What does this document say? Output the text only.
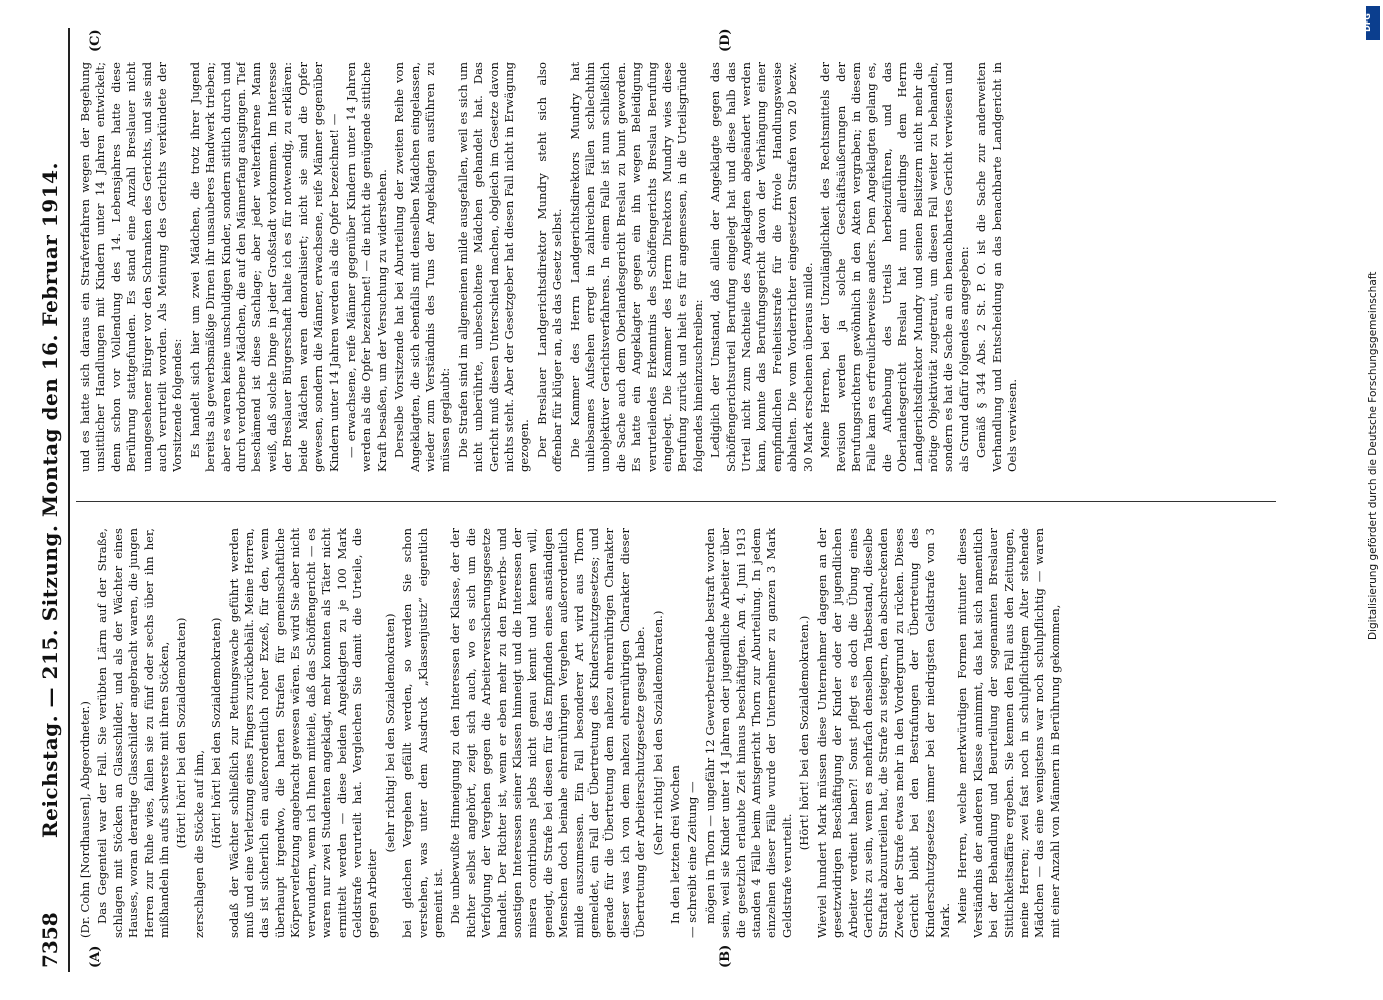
7358
Reichstag. — 215. Sitzung. Montag den 16. Februar 1914.
(A)	(B)
(C)	(D)

(Dr. Cohn [Nordhausen], Abgeordneter.) Das Gegenteil war der Fall. Sie verübten Lärm auf der Straße, schlagen mit Stöcken an Glasschilder, und als der Wächter eines Hauses, woran derartige Glasschilder angebracht waren, die jungen Herren zur Ruhe wies, fallen sie zu fünf oder sechs über ihn her, mißhandeln ihn aufs schwerste mit ihren Stöcken, (Hört! hört! bei den Sozialdemokraten) zerschlagen die Stöcke auf ihm, (Hört! hört! bei den Sozialdemokraten) sodaß der Wächter schließlich zur Rettungswache geführt werden muß und eine Verletzung eines Fingers zurückbehält. Meine Herren, das ist sicherlich ein außerordentlich roher Exzeß, für den, wenn überhaupt irgendwo, die harten Strafen für gemeinschaftliche Körperverletzung angebracht gewesen wären. Es wird Sie aber nicht verwundern, wenn ich Ihnen mitteile, daß das Schöffengericht — es waren nur zwei Studenten angeklagt, mehr konnten als Täter nicht ermittelt werden — diese beiden Angeklagten zu je 100 Mark Geldstrafe verurteilt hat. Vergleichen Sie damit die Urteile, die gegen Arbeiter

(sehr richtig! bei den Sozialdemokraten) bei gleichen Vergehen gefällt werden, so werden Sie schon verstehen, was unter dem Ausdruck „Klassenjustiz“ eigentlich gemeint ist. Die unbewußte Hinneigung zu den Interessen der Klasse, der der Richter selbst angehört, zeigt sich auch, wo es sich um die Verfolgung der Vergehen gegen die Arbeiterversicherungsgesetze handelt. Der Richter ist, wenn er eben mehr zu den Erwerbs- und sonstigen Interessen seiner Klassen hinneigt und die Interessen der misera contribuens plebs nicht genau kennt und kennen will, geneigt, die Strafe bei diesen für das Empfinden eines anständigen Menschen doch beinahe ehrenrührigen Vergehen außerordentlich milde auszumessen. Ein Fall besonderer Art wird aus Thorn gemeldet, ein Fall der Übertretung des Kinderschutzgesetzes; und gerade für die Übertretung dem nahezu ehrenrührigen Charakter dieser was ich von dem nahezu ehrenrührigen Charakter dieser Übertretung der Arbeiterschutzgesetze gesagt habe. (Sehr richtig! bei den Sozialdemokraten.) In den letzten drei Wochen — schreibt eine Zeitung — mögen in Thorn — ungefähr 12 Gewerbetreibende bestraft worden sein, weil sie Kinder unter 14 Jahren oder jugendliche Arbeiter über die gesetzlich erlaubte Zeit hinaus beschäftigten. Am 4. Juni 1913 standen 4 Fälle beim Amtsgericht Thorn zur Aburteilung. In jedem einzelnen dieser Fälle wurde der Unternehmer zu ganzen 3 Mark Geldstrafe verurteilt.

(Hört! hört! bei den Sozialdemokraten.) Wieviel hundert Mark müssen diese Unternehmer dagegen an der gesetzwidrigen Beschäftigung der Kinder oder der jugendlichen Arbeiter verdient haben?! Sonst pflegt es doch die Übung eines Gerichts zu sein, wenn es mehrfach denselben Tatbestand, dieselbe Straftat abzuurteilen hat, die Strafe zu steigern, den abschreckenden Zweck der Strafe etwas mehr in den Vordergrund zu rücken. Dieses Gericht bleibt bei den Bestrafungen der Übertretung des Kinderschutzgesetzes immer bei der niedrigsten Geldstrafe von 3 Mark. Meine Herren, welche merkwürdigen Formen mitunter dieses Verständnis der anderen Klasse annimmt, das hat sich namentlich bei der Behandlung und Beurteilung der sogenannten Breslauer Sittlichkeitsaffäre ergeben. Sie kennen den Fall aus den Zeitungen, meine Herren; zwei fast noch in schulpflichtigem Alter stehende Mädchen — das eine wenigstens war noch schulpflichtig — waren mit einer Anzahl von Männern in Berührung gekommen,

und es hatte sich daraus ein Strafverfahren wegen der Begehung unsittlicher Handlungen mit Kindern unter 14 Jahren entwickelt; denn schon vor Vollendung des 14. Lebensjahres hatte diese Berührung stattgefunden. Es stand eine Anzahl Breslauer nicht unangesehener Bürger vor den Schranken des Gerichts, und sie sind auch verurteilt worden. Als Meinung des Gerichts verkündete der Vorsitzende folgendes: Es handelt sich hier um zwei Mädchen, die trotz ihrer Jugend bereits als gewerbsmäßige Dirnen ihr unsauberes Handwerk trieben; aber es waren keine unschuldigen Kinder, sondern sittlich durch und durch verdorbene Mädchen, die auf den Männerfang ausgingen. Tief beschämend ist diese Sachlage; aber jeder welterfahrene Mann weiß, daß solche Dinge in jeder Großstadt vorkommen. Im Interesse der Breslauer Bürgerschaft halte ich es für notwendig, zu erklären: beide Mädchen waren demoralisiert; nicht sie sind die Opfer gewesen, sondern die Männer, erwachsene, reife Männer gegenüber Kindern unter 14 Jahren werden als die Opfer bezeichnet! — — erwachsene, reife Männer gegenüber Kindern unter 14 Jahren werden als die Opfer bezeichnet! — die nicht die genügende sittliche Kraft besaßen, um der Versuchung zu widerstehen. Derselbe Vorsitzende hat bei Aburteilung der zweiten Reihe von Angeklagten, die sich ebenfalls mit denselben Mädchen eingelassen, wieder zum Verständnis des Tuns der Angeklagten ausführen zu müssen geglaubt: Die Strafen sind im allgemeinen milde ausgefallen, weil es sich um nicht unberührte, unbescholtene Mädchen gehandelt hat. Das Gericht muß diesen Unterschied machen, obgleich im Gesetze davon nichts steht. Aber der Gesetzgeber hat diesen Fall nicht in Erwägung gezogen. Der Breslauer Landgerichtsdirektor Mundry steht sich also offenbar für klüger an, als das Gesetz selbst. Die Kammer des Herrn Landgerichtsdirektors Mundry hat unliebsames Aufsehen erregt in zahlreichen Fällen schlechthin unobjektiver Gerichtsverfahrens. In einem Falle ist nun schließlich die Sache auch dem Oberlandesgericht Breslau zu bunt geworden. Es hatte ein Angeklagter gegen ein ihn wegen Beleidigung verurteilendes Erkenntnis des Schöffengerichts Breslau Berufung eingelegt. Die Kammer des Herrn Direktors Mundry wies diese Berufung zurück und hielt es für angemessen, in die Urteilsgründe folgendes hineinzuschreiben: Lediglich der Umstand, daß allein der Angeklagte gegen das Schöffengerichtsurteil Berufung eingelegt hat und diese halb das Urteil nicht zum Nachteile des Angeklagten abgeändert werden kann, konnte das Berufungsgericht davon der Verhängung einer empfindlichen Freiheitsstrafe für die frivole Handlungsweise abhalten. Die vom Vorderrichter eingesetzten Strafen von 20 bezw. 30 Mark erscheinen überaus milde. Meine Herren, bei der Unzulänglichkeit des Rechtsmittels der Revision werden ja solche Geschäftsäußerungen der Berufungsrichtern gewöhnlich in den Akten vergraben; in diesem Falle kam es erfreulicherweise anders. Dem Angeklagten gelang es, die Aufhebung des Urteils herbeizuführen, und das Oberlandesgericht Breslau hat nun allerdings dem Herrn Landgerichtsdirektor Mundry und seinen Beisitzern nicht mehr die nötige Objektivität zugetraut, um diesen Fall weiter zu behandeln, sondern es hat die Sache an ein benachbartes Gericht verwiesen und als Grund dafür folgendes angegeben: Gemäß § 344 Abs. 2 St. P. O. ist die Sache zur anderweiten Verhandlung und Entscheidung an das benachbarte Landgericht in Oels verwiesen.

DFG
Digitalisierung gefördert durch die Deutsche Forschungsgemeinschaft
